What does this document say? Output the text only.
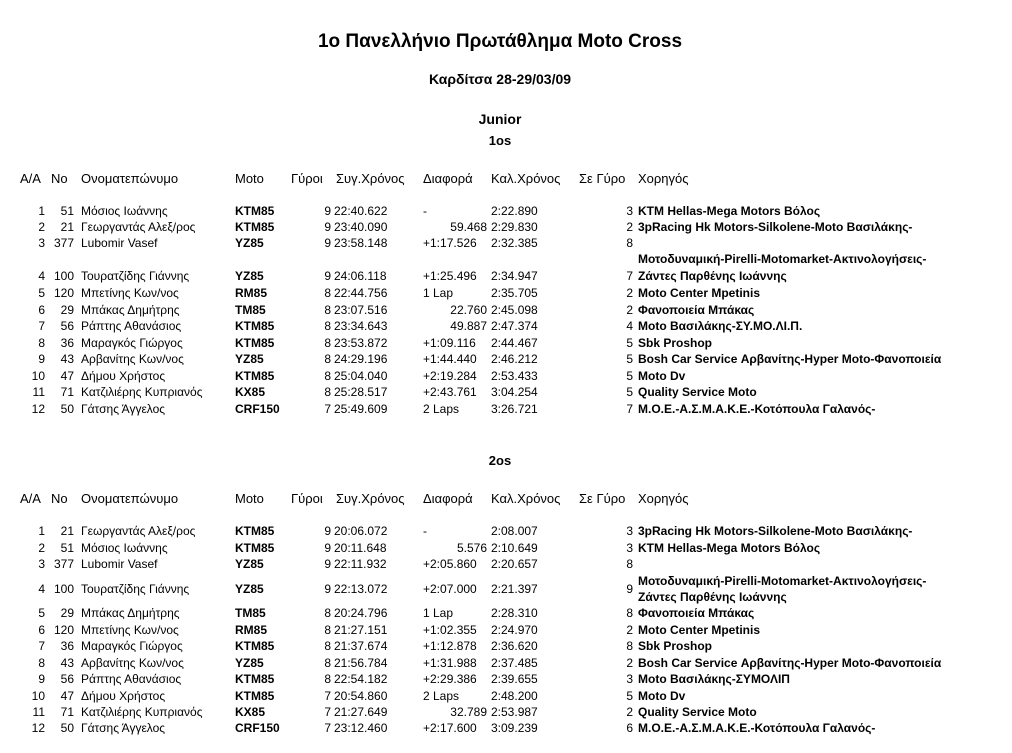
1ο Πανελλήνιο Πρωτάθλημα Moto Cross
Καρδίτσα 28-29/03/09
Junior
1os
Α/Α Νο Ονοματεπώνυμο	Moto Γύροι Συγ.Χρόνος Διαφορά Καλ.Χρόνος Σε Γύρο Χορηγός
1	51 Μόσιος Ιωάννης	KTM85	9 22:40.622	-	2:22.890	3 KTM Hellas-Mega Motors Βόλος
2	21 Γεωργαντάς Αλεξ/ρος	KTM85	9 23:40.090	59.468 2:29.830	2 3pRacing Hk Motors-Silkolene-Moto Βασιλάκης-
3 377 Lubomir Vasef	YZ85	9 23:58.148	+1:17.526 2:32.385	8
Μοτοδυναμική-Pirelli-Motomarket-Ακτινολογήσεις-
4 100 Τουρατζίδης Γιάννης	YZ85	9 24:06.118	+1:25.496 2:34.947	7 Ζάντες Παρθένης Ιωάννης
5 120 Μπετίνης Κων/νος	RM85	8 22:44.756	1 Lap	2:35.705	2 Moto Center Mpetinis
6	29 Μπάκας Δημήτρης	TM85	8 23:07.516	22.760 2:45.098	2 Φανοποιεία Μπάκας
7	56 Ράπτης Αθανάσιος	KTM85	8 23:34.643	49.887 2:47.374	4 Moto Βασιλάκης-ΣΥ.ΜΟ.ΛΙ.Π.
8	36 Μαραγκός Γιώργος	KTM85	8 23:53.872	+1:09.116 2:44.467	5 Sbk Proshop
9	43 Αρβανίτης Κων/νος	YZ85	8 24:29.196	+1:44.440 2:46.212	5 Bosh Car Service Αρβανίτης-Hyper Moto-Φανοποιεία
10	47 Δήμου Χρήστος	KTM85	8 25:04.040	+2:19.284 2:53.433	5 Moto Dv
11	71 Κατζιλιέρης Κυπριανός	KX85	8 25:28.517	+2:43.761 3:04.254	5 Quality Service Moto
12	50 Γάτσης Άγγελος	CRF150	7 25:49.609	2 Laps	3:26.721	7 Μ.Ο.Ε.-Α.Σ.Μ.Α.Κ.Ε.-Κοτόπουλα Γαλανός-
2os
Α/Α Νο Ονοματεπώνυμο	Moto Γύροι Συγ.Χρόνος Διαφορά Καλ.Χρόνος Σε Γύρο Χορηγός
1	21 Γεωργαντάς Αλεξ/ρος	KTM85	9 20:06.072	-	2:08.007	3 3pRacing Hk Motors-Silkolene-Moto Βασιλάκης-
2	51 Μόσιος Ιωάννης	KTM85	9 20:11.648	5.576 2:10.649	3 KTM Hellas-Mega Motors Βόλος
3 377 Lubomir Vasef	YZ85	9 22:11.932	+2:05.860 2:20.657	8
4 100 Τουρατζίδης Γιάννης	YZ85	9 22:13.072	+2:07.000 2:21.397	9
Μοτοδυναμική-Pirelli-Motomarket-Ακτινολογήσεις-
Ζάντες Παρθένης Ιωάννης
5	29 Μπάκας Δημήτρης	TM85	8 20:24.796	1 Lap	2:28.310	8 Φανοποιεία Μπάκας
6 120 Μπετίνης Κων/νος	RM85	8 21:27.151	+1:02.355 2:24.970	2 Moto Center Mpetinis
7	36 Μαραγκός Γιώργος	KTM85	8 21:37.674	+1:12.878 2:36.620	8 Sbk Proshop
8	43 Αρβανίτης Κων/νος	YZ85	8 21:56.784	+1:31.988 2:37.485	2 Bosh Car Service Αρβανίτης-Hyper Moto-Φανοποιεία
9	56 Ράπτης Αθανάσιος	KTM85	8 22:54.182	+2:29.386 2:39.655	3 Moto Βασιλάκης-ΣΥΜΟΛΙΠ
10	47 Δήμου Χρήστος	KTM85	7 20:54.860	2 Laps	2:48.200	5 Moto Dv
11	71 Κατζιλιέρης Κυπριανός	KX85	7 21:27.649	32.789 2:53.987	2 Quality Service Moto
12	50 Γάτσης Άγγελος	CRF150	7 23:12.460	+2:17.600 3:09.239	6 Μ.Ο.Ε.-Α.Σ.Μ.Α.Κ.Ε.-Κοτόπουλα Γαλανός-
